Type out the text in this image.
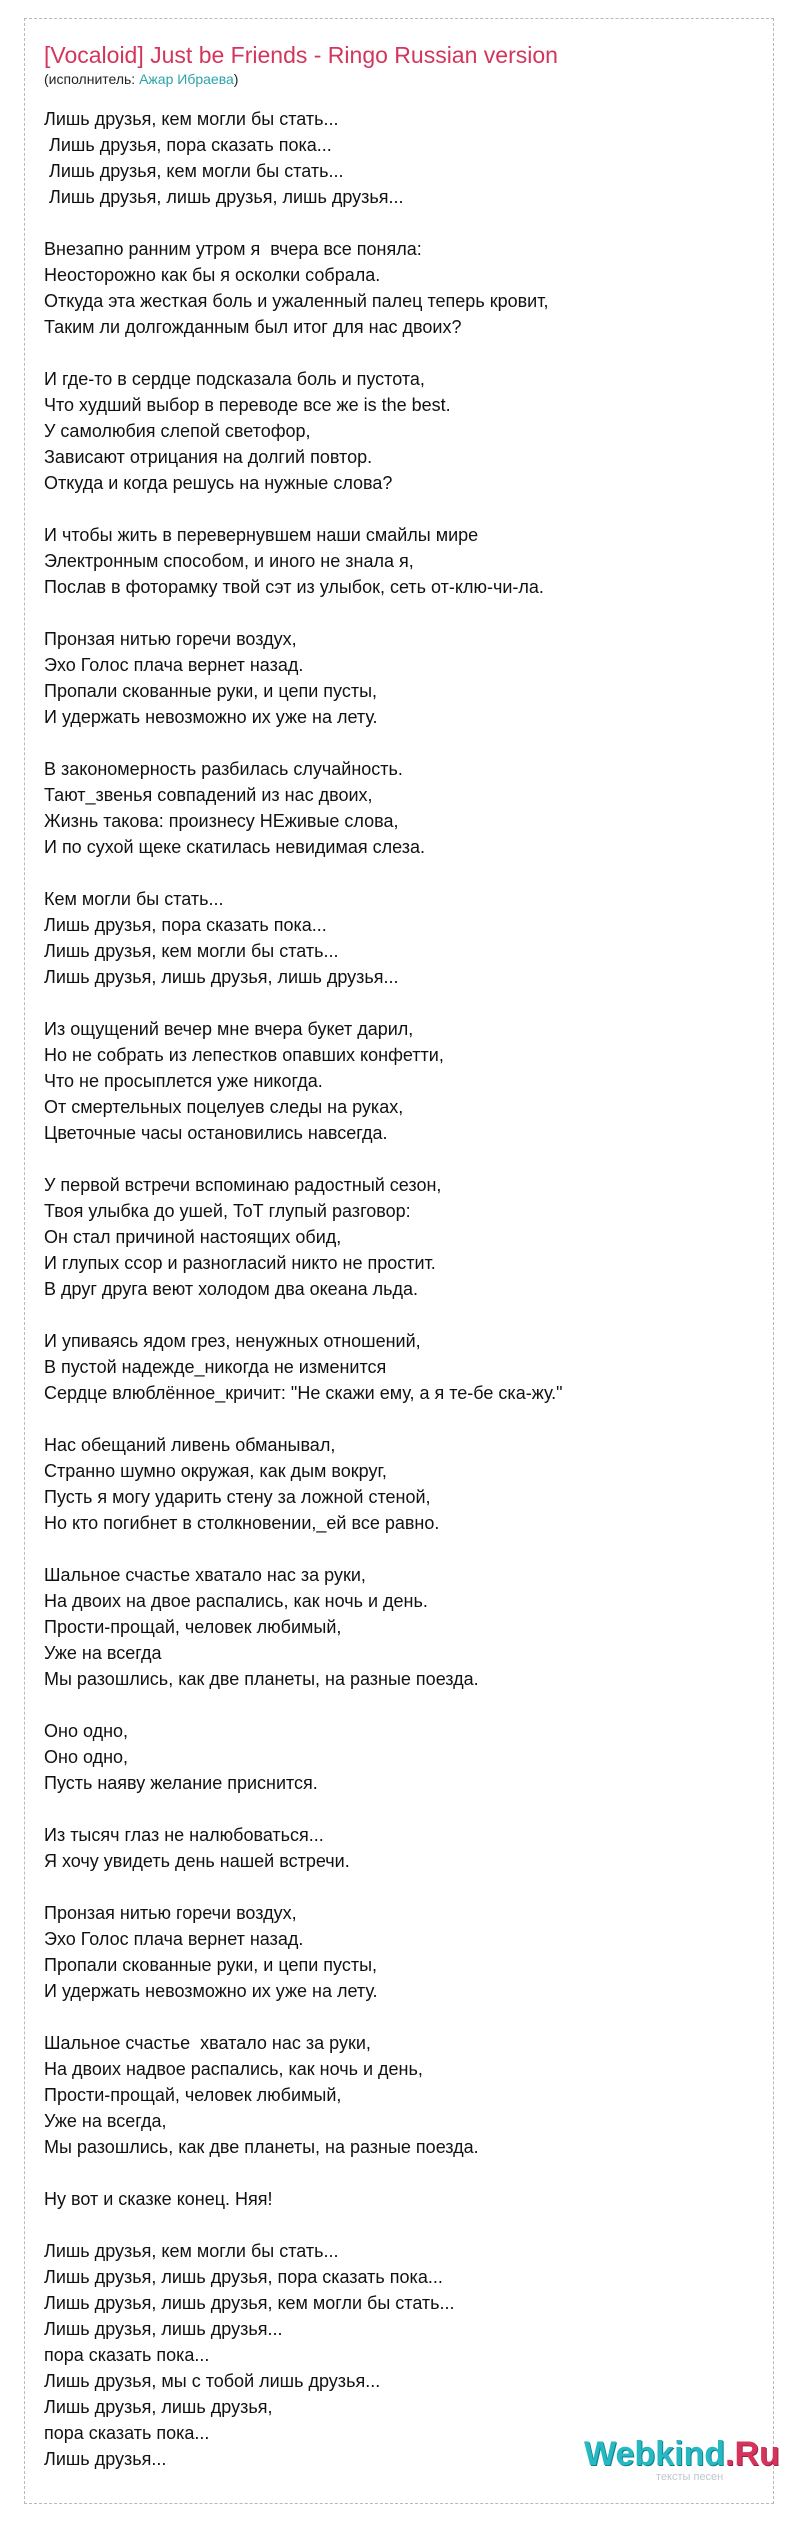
[Vocaloid] Just be Friends - Ringo Russian version
(исполнитель: Ажар Ибраева)
Лишь друзья, кем могли бы стать...
Лишь друзья, пора сказать пока...
Лишь друзья, кем могли бы стать...
Лишь друзья, лишь друзья, лишь друзья...

Внезапно ранним утром я  вчера все поняла:
Неосторожно как бы я осколки собрала.
Откуда эта жесткая боль и ужаленный палец теперь кровит,
Таким ли долгожданным был итог для нас двоих?

И где-то в сердце подсказала боль и пустота,
Что худший выбор в переводе все же is the best.
У самолюбия слепой светофор,
Зависают отрицания на долгий повтор.
Откуда и когда решусь на нужные слова?

И чтобы жить в перевернувшем наши смайлы мире
Электронным способом, и иного не знала я,
Послав в фоторамку твой сэт из улыбок, сеть от-клю-чи-ла.

Пронзая нитью горечи воздух,
Эхо Голос плача вернет назад.
Пропали скованные руки, и цепи пусты,
И удержать невозможно их уже на лету.

В закономерность разбилась случайность.
Тают_звенья совпадений из нас двоих,
Жизнь такова: произнесу НЕживые слова,
И по сухой щеке скатилась невидимая слеза.

Кем могли бы стать...
Лишь друзья, пора сказать пока...
Лишь друзья, кем могли бы стать...
Лишь друзья, лишь друзья, лишь друзья...

Из ощущений вечер мне вчера букет дарил,
Но не собрать из лепестков опавших конфетти,
Что не просыплется уже никогда.
От смертельных поцелуев следы на руках,
Цветочные часы остановились навсегда.

У первой встречи вспоминаю радостный сезон,
Твоя улыбка до ушей, ТоТ глупый разговор:
Он стал причиной настоящих обид,
И глупых ссор и разногласий никто не простит.
В друг друга веют холодом два океана льда.

И упиваясь ядом грез, ненужных отношений,
В пустой надежде_никогда не изменится
Сердце влюблённое_кричит: "Не скажи ему, а я те-бе ска-жу."

Нас обещаний ливень обманывал,
Странно шумно окружая, как дым вокруг,
Пусть я могу ударить стену за ложной стеной,
Но кто погибнет в столкновении,_ей все равно.

Шальное счастье хватало нас за руки,
На двоих на двое распались, как ночь и день.
Прости-прощай, человек любимый,
Уже на всегда
Мы разошлись, как две планеты, на разные поезда.

Оно одно,
Оно одно,
Пусть наяву желание приснится.

Из тысяч глаз не налюбоваться...
Я хочу увидеть день нашей встречи.

Пронзая нитью горечи воздух,
Эхо Голос плача вернет назад.
Пропали скованные руки, и цепи пусты,
И удержать невозможно их уже на лету.

Шальное счастье  хватало нас за руки,
На двоих надвое распались, как ночь и день,
Прости-прощай, человек любимый,
Уже на всегда,
Мы разошлись, как две планеты, на разные поезда.

Ну вот и сказке конец. Няя!

Лишь друзья, кем могли бы стать...
Лишь друзья, лишь друзья, пора сказать пока...
Лишь друзья, лишь друзья, кем могли бы стать...
Лишь друзья, лишь друзья...
пора сказать пока...
Лишь друзья, мы с тобой лишь друзья...
Лишь друзья, лишь друзья,
пора сказать пока...
Лишь друзья...	Webkind.Ru
тексты песен
